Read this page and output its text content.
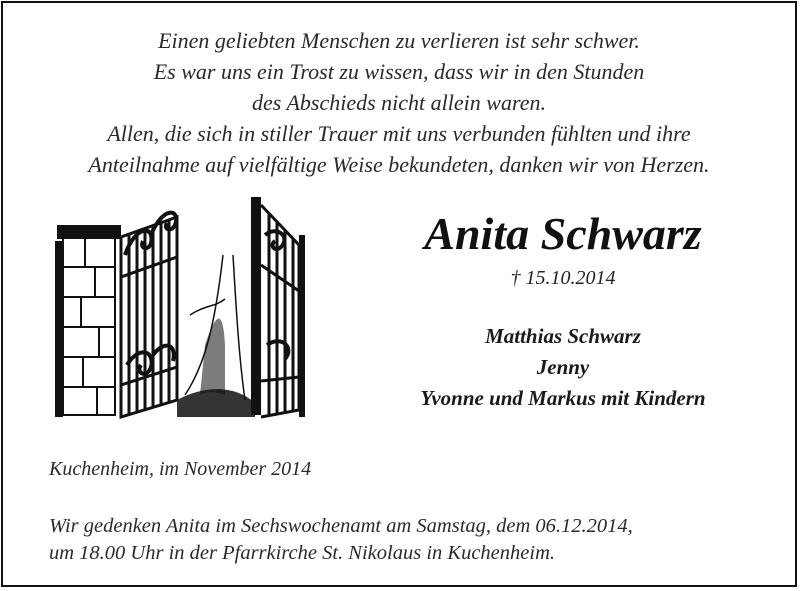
Einen geliebten Menschen zu verlieren ist sehr schwer.
Es war uns ein Trost zu wissen, dass wir in den Stunden
des Abschieds nicht allein waren.
Allen, die sich in stiller Trauer mit uns verbunden fühlten und ihre
Anteilnahme auf vielfältige Weise bekundeten, danken wir von Herzen.
Anita Schwarz
† 15.10.2014
Matthias Schwarz
Jenny
Yvonne und Markus mit Kindern
Kuchenheim, im November 2014
Wir gedenken Anita im Sechswochenamt am Samstag, dem 06.12.2014,
um 18.00 Uhr in der Pfarrkirche St. Nikolaus in Kuchenheim.
